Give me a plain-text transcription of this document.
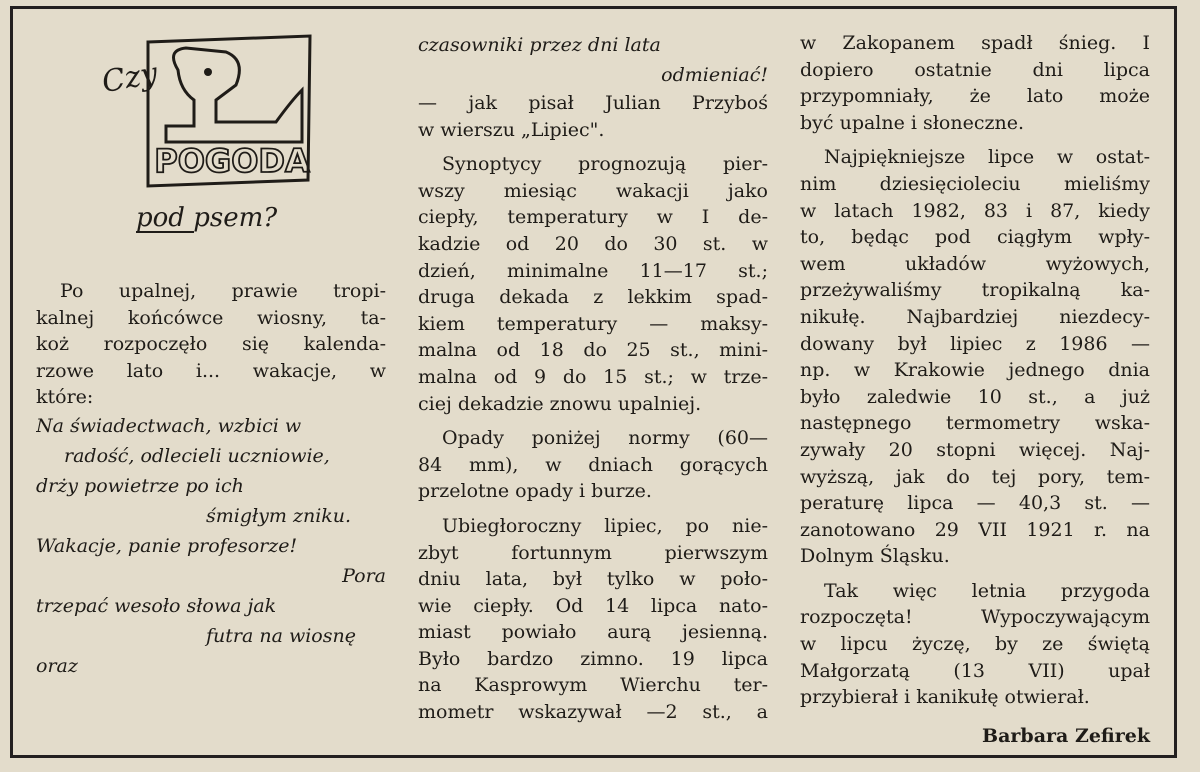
Czy
POGODA
pod psem?
Po upalnej, prawie tropi-
kalnej końcówce wiosny, ta-
koż rozpoczęło się kalenda-
rzowe lato i... wakacje, w
które:
Na świadectwach, wzbici w
radość, odlecieli uczniowie,
drży powietrze po ich
śmigłym zniku.
Wakacje, panie profesorze!
Pora
trzepać wesoło słowa jak
futra na wiosnę
oraz
czasowniki przez dni lata
odmieniać!
— jak pisał Julian Przyboś
w wierszu „Lipiec".
Synoptycy prognozują pier-
wszy miesiąc wakacji jako
ciepły, temperatury w I de-
kadzie od 20 do 30 st. w
dzień, minimalne 11—17 st.;
druga dekada z lekkim spad-
kiem temperatury — maksy-
malna od 18 do 25 st., mini-
malna od 9 do 15 st.; w trze-
ciej dekadzie znowu upalniej.
Opady poniżej normy (60—
84 mm), w dniach gorących
przelotne opady i burze.
Ubiegłoroczny lipiec, po nie-
zbyt fortunnym pierwszym
dniu lata, był tylko w poło-
wie ciepły. Od 14 lipca nato-
miast powiało aurą jesienną.
Było bardzo zimno. 19 lipca
na Kasprowym Wierchu ter-
mometr wskazywał —2 st., a
w Zakopanem spadł śnieg. I
dopiero ostatnie dni lipca
przypomniały, że lato może
być upalne i słoneczne.
Najpiękniejsze lipce w ostat-
nim dziesięcioleciu mieliśmy
w latach 1982, 83 i 87, kiedy
to, będąc pod ciągłym wpły-
wem układów wyżowych,
przeżywaliśmy tropikalną ka-
nikułę. Najbardziej niezdecy-
dowany był lipiec z 1986 —
np. w Krakowie jednego dnia
było zaledwie 10 st., a już
następnego termometry wska-
zywały 20 stopni więcej. Naj-
wyższą, jak do tej pory, tem-
peraturę lipca — 40,3 st. —
zanotowano 29 VII 1921 r. na
Dolnym Śląsku.
Tak więc letnia przygoda
rozpoczęta! Wypoczywającym
w lipcu życzę, by ze świętą
Małgorzatą (13 VII) upał
przybierał i kanikułę otwierał.
Barbara Zefirek
